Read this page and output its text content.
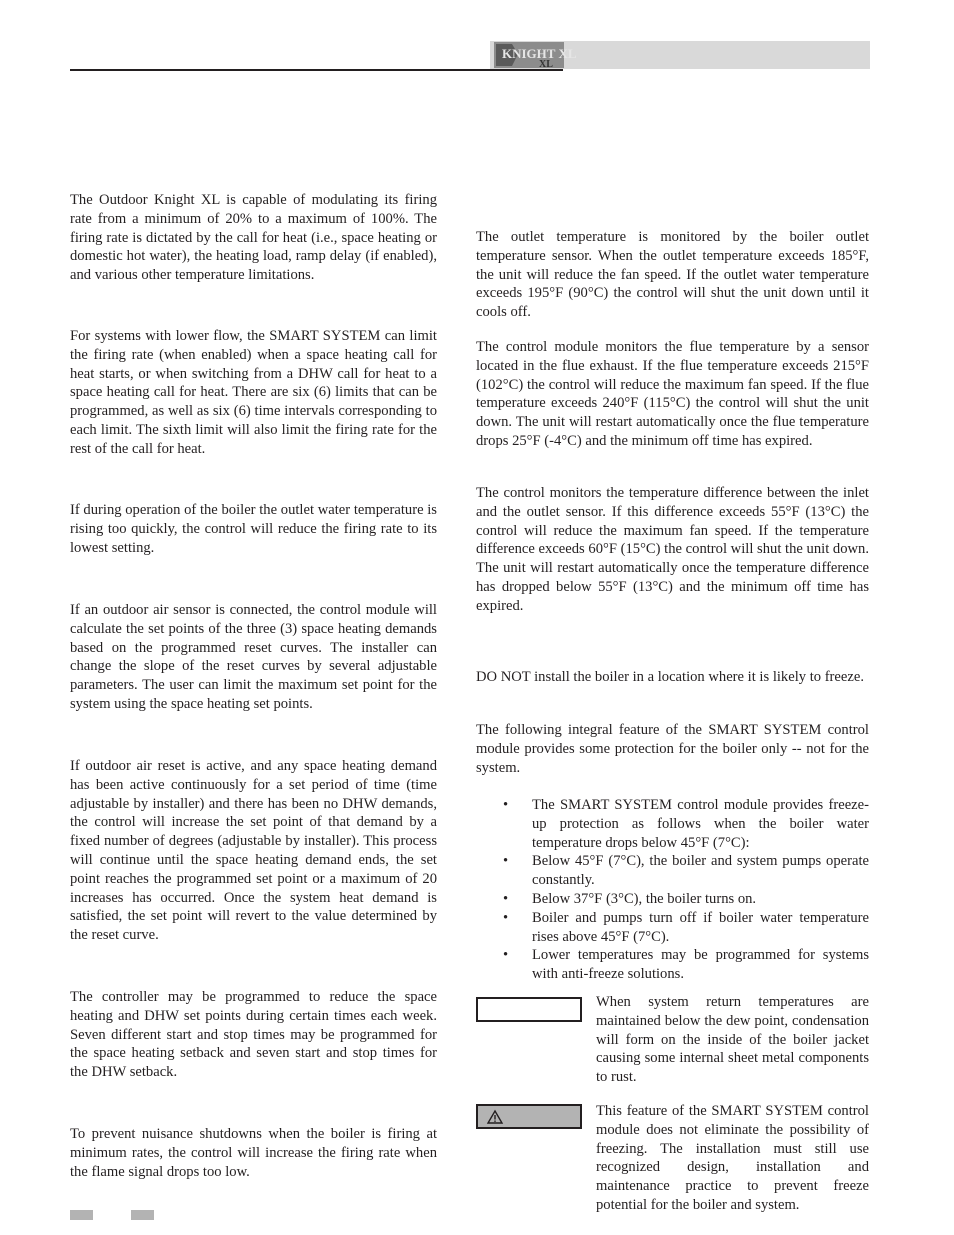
KNIGHT XL
XL

The Outdoor Knight XL is capable of modulating its firing rate from a minimum of 20% to a maximum of 100%. The firing rate is dictated by the call for heat (i.e., space heating or domestic hot water), the heating load, ramp delay (if enabled), and various other temperature limitations.

For systems with lower flow, the SMART SYSTEM can limit the firing rate (when enabled) when a space heating call for heat starts, or when switching from a DHW call for heat to a space heating call for heat. There are six (6) limits that can be programmed, as well as six (6) time intervals corresponding to each limit. The sixth limit will also limit the firing rate for the rest of the call for heat.

If during operation of the boiler the outlet water temperature is rising too quickly, the control will reduce the firing rate to its lowest setting.

If an outdoor air sensor is connected, the control module will calculate the set points of the three (3) space heating demands based on the programmed reset curves. The installer can change the slope of the reset curves by several adjustable parameters. The user can limit the maximum set point for the system using the space heating set points.

If outdoor air reset is active, and any space heating demand has been active continuously for a set period of time (time adjustable by installer) and there has been no DHW demands, the control will increase the set point of that demand by a fixed number of degrees (adjustable by installer). This process will continue until the space heating demand ends, the set point reaches the programmed set point or a maximum of 20 increases has occurred. Once the system heat demand is satisfied, the set point will revert to the value determined by the reset curve.

The controller may be programmed to reduce the space heating and DHW set points during certain times each week. Seven different start and stop times may be programmed for the space heating setback and seven start and stop times for the DHW setback.

To prevent nuisance shutdowns when the boiler is firing at minimum rates, the control will increase the firing rate when the flame signal drops too low.

The outlet temperature is monitored by the boiler outlet temperature sensor. When the outlet temperature exceeds 185°F, the unit will reduce the fan speed. If the outlet water temperature exceeds 195°F (90°C) the control will shut the unit down until it cools off.

The control module monitors the flue temperature by a sensor located in the flue exhaust. If the flue temperature exceeds 215°F (102°C) the control will reduce the maximum fan speed. If the flue temperature exceeds 240°F (115°C) the control will shut the unit down. The unit will restart automatically once the flue temperature drops 25°F (-4°C) and the minimum off time has expired.

The control monitors the temperature difference between the inlet and the outlet sensor. If this difference exceeds 55°F (13°C) the control will reduce the maximum fan speed. If the temperature difference exceeds 60°F (15°C) the control will shut the unit down. The unit will restart automatically once the temperature difference has dropped below 55°F (13°C) and the minimum off time has expired.

DO NOT install the boiler in a location where it is likely to freeze.

The following integral feature of the SMART SYSTEM control module provides some protection for the boiler only -- not for the system.

• The SMART SYSTEM control module provides freeze-up protection as follows when the boiler water temperature drops below 45°F (7°C):
• Below 45°F (7°C), the boiler and system pumps operate constantly.
• Below 37°F (3°C), the boiler turns on.
• Boiler and pumps turn off if boiler water temperature rises above 45°F (7°C).
• Lower temperatures may be programmed for systems with anti-freeze solutions.
When system return temperatures are maintained below the dew point, condensation will form on the inside of the boiler jacket causing some internal sheet metal components to rust.
This feature of the SMART SYSTEM control module does not eliminate the possibility of freezing. The installation must still use recognized design, installation and maintenance practice to prevent freeze potential for the boiler and system.
